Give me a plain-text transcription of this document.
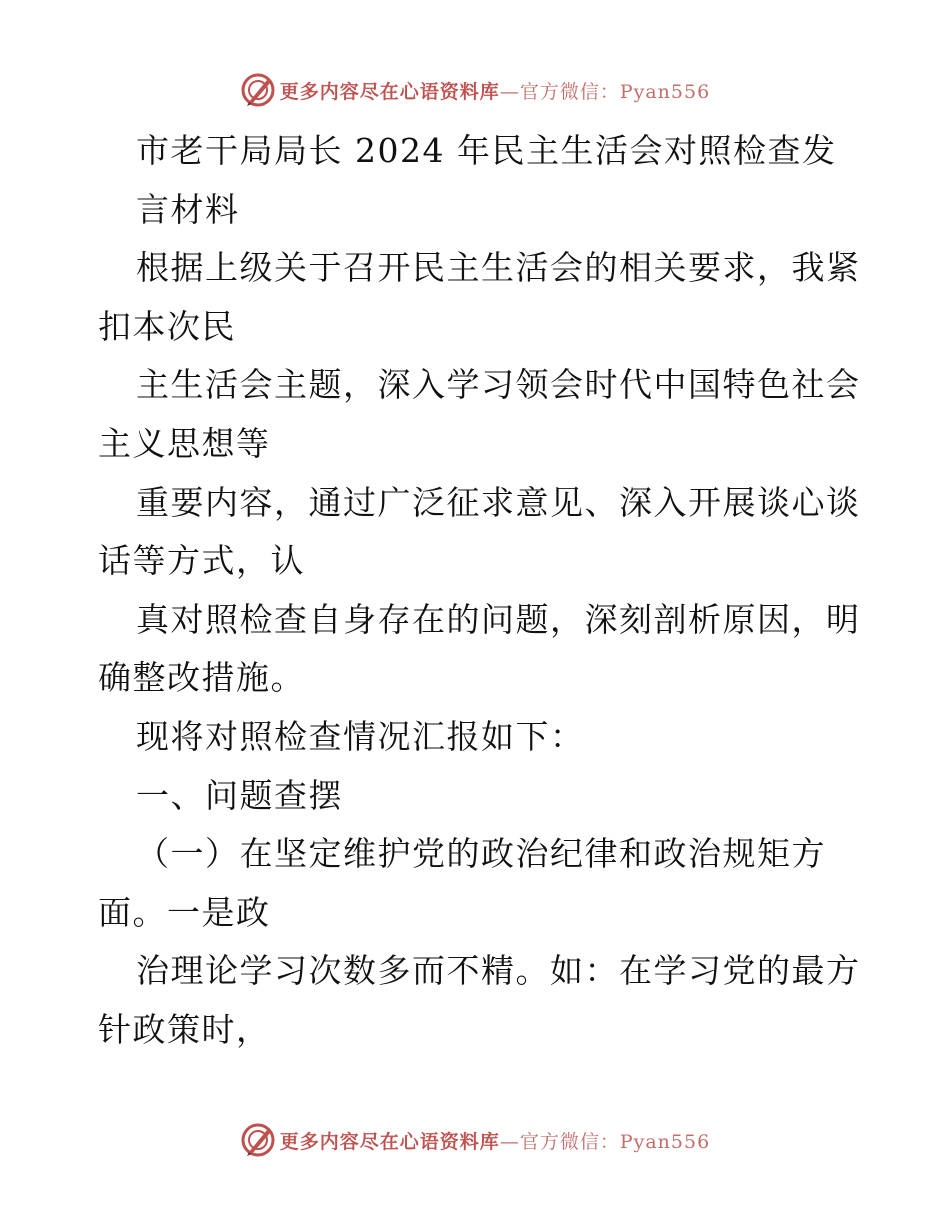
更多内容尽在心语资料库—官方微信：Pyan556
市老干局局长 2024 年民主生活会对照检查发
言材料
根据上级关于召开民主生活会的相关要求，我紧
扣本次民
主生活会主题，深入学习领会时代中国特色社会
主义思想等
重要内容，通过广泛征求意见、深入开展谈心谈
话等方式，认
真对照检查自身存在的问题，深刻剖析原因，明
确整改措施。
现将对照检查情况汇报如下：
一、问题查摆
（一）在坚定维护党的政治纪律和政治规矩方
面。一是政
治理论学习次数多而不精。如：在学习党的最方
针政策时，
更多内容尽在心语资料库—官方微信：Pyan556
